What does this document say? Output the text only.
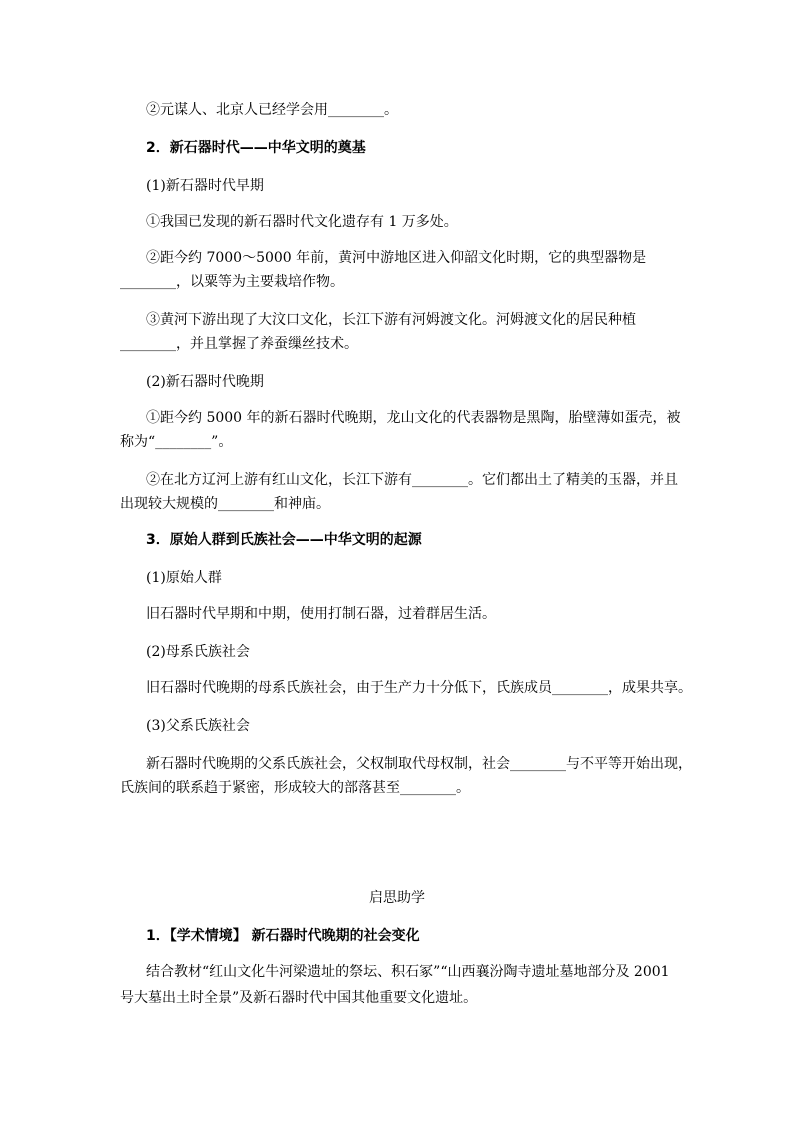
②元谋人、北京人已经学会用________。
2．新石器时代——中华文明的奠基
(1)新石器时代早期
①我国已发现的新石器时代文化遗存有 1 万多处。
②距今约 7000～5000 年前，黄河中游地区进入仰韶文化时期，它的典型器物是
________，以粟等为主要栽培作物。
③黄河下游出现了大汶口文化，长江下游有河姆渡文化。河姆渡文化的居民种植
________，并且掌握了养蚕缫丝技术。
(2)新石器时代晚期
①距今约 5000 年的新石器时代晚期，龙山文化的代表器物是黑陶，胎壁薄如蛋壳，被
称为“________”。
②在北方辽河上游有红山文化，长江下游有________。它们都出土了精美的玉器，并且
出现较大规模的________和神庙。
3．原始人群到氏族社会——中华文明的起源
(1)原始人群
旧石器时代早期和中期，使用打制石器，过着群居生活。
(2)母系氏族社会
旧石器时代晚期的母系氏族社会，由于生产力十分低下，氏族成员________，成果共享。
(3)父系氏族社会
新石器时代晚期的父系氏族社会，父权制取代母权制，社会________与不平等开始出现，
氏族间的联系趋于紧密，形成较大的部落甚至________。
启思助学
1．【学术情境】 新石器时代晚期的社会变化
结合教材“红山文化牛河梁遗址的祭坛、积石冢”“山西襄汾陶寺遗址墓地部分及 2001
号大墓出土时全景”及新石器时代中国其他重要文化遗址。
